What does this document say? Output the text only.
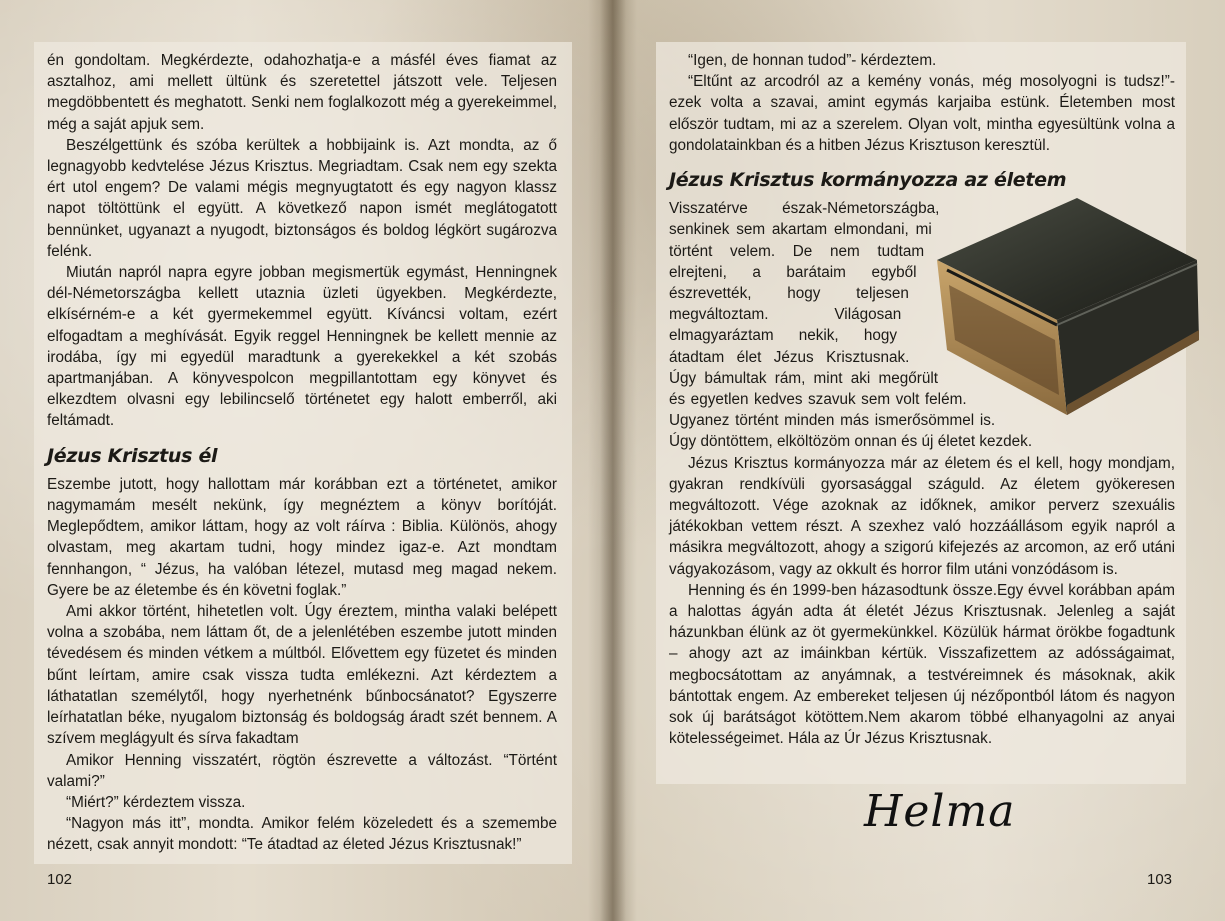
én gondoltam. Megkérdezte, odahozhatja-e a másfél éves fiamat az asztalhoz, ami mellett ültünk és szeretettel játszott vele. Teljesen megdöbbentett és meghatott. Senki nem foglalkozott még a gyerekeimmel, még a saját apjuk sem.

Beszélgettünk és szóba kerültek a hobbijaink is. Azt mondta, az ő legnagyobb kedvtelése Jézus Krisztus. Megriadtam. Csak nem egy szekta ért utol engem? De valami mégis megnyugtatott és egy nagyon klassz napot töltöttünk el együtt. A következő napon ismét meglátogatott bennünket, ugyanazt a nyugodt, biztonságos és boldog légkört sugározva felénk.

Miután napról napra egyre jobban megismertük egymást, Henningnek dél-Németországba kellett utaznia üzleti ügyekben. Megkérdezte, elkísérném-e a két gyermekemmel együtt. Kíváncsi voltam, ezért elfogadtam a meghívását. Egyik reggel Henningnek be kellett mennie az irodába, így mi egyedül maradtunk a gyerekekkel a két szobás apartmanjában. A könyvespolcon megpillantottam egy könyvet és elkezdtem olvasni egy lebilincselő történetet egy halott emberről, aki feltámadt.

Jézus Krisztus él

Eszembe jutott, hogy hallottam már korábban ezt a történetet, amikor nagymamám mesélt nekünk, így megnéztem a könyv borítóját. Meglepődtem, amikor láttam, hogy az volt ráírva : Biblia. Különös, ahogy olvastam, meg akartam tudni, hogy mindez igaz-e. Azt mondtam fennhangon, “ Jézus, ha valóban létezel, mutasd meg magad nekem. Gyere be az életembe és én követni foglak.”

Ami akkor történt, hihetetlen volt. Úgy éreztem, mintha valaki belépett volna a szobába, nem láttam őt, de a jelenlétében eszembe jutott minden tévedésem és minden vétkem a múltból. Elővettem egy füzetet és minden bűnt leírtam, amire csak vissza tudta emlékezni. Azt kérdeztem a láthatatlan személytől, hogy nyerhetnénk bűnbocsánatot? Egyszerre leírhatatlan béke, nyugalom biztonság és boldogság áradt szét bennem. A szívem meglágyult és sírva fakadtam

Amikor Henning visszatért, rögtön észrevette a változást. “Történt valami?”

“Miért?” kérdeztem vissza.

“Nagyon más itt”, mondta. Amikor felém közeledett és a szemembe nézett, csak annyit mondott: “Te átadtad az életed Jézus Krisztusnak!”

102

“Igen, de honnan tudod”- kérdeztem.

“Eltűnt az arcodról az a kemény vonás, még mosolyogni is tudsz!”- ezek volta a szavai, amint egymás karjaiba estünk. Életemben most először tudtam, mi az a szerelem. Olyan volt, mintha egyesültünk volna a gondolatainkban és a hitben Jézus Krisztuson keresztül.

Jézus Krisztus kormányozza az életem

Visszatérve észak-Németországba, senkinek sem akartam elmondani, mi történt velem. De nem tudtam elrejteni, a barátaim egyből észrevették, hogy teljesen megváltoztam. Világosan elmagyaráztam nekik, hogy átadtam élet Jézus Krisztusnak. Úgy bámultak rám, mint aki megőrült és egyetlen kedves szavuk sem volt felém. Ugyanez történt minden más ismerősömmel is. Úgy döntöttem, elköltözöm onnan és új életet kezdek.

Jézus Krisztus kormányozza már az életem és el kell, hogy mondjam, gyakran rendkívüli gyorsasággal száguld. Az életem gyökeresen megváltozott. Vége azoknak az időknek, amikor perverz szexuális játékokban vettem részt. A szexhez való hozzáállásom egyik napról a másikra megváltozott, ahogy a szigorú kifejezés az arcomon, az erő utáni vágyakozásom, vagy az okkult és horror film utáni vonzódásom is.

Henning és én 1999-ben házasodtunk össze.Egy évvel korábban apám a halottas ágyán adta át életét Jézus Krisztusnak. Jelenleg a saját házunkban élünk az öt gyermekünkkel. Közülük hármat örökbe fogadtunk – ahogy azt az imáinkban kértük. Visszafizettem az adósságaimat, megbocsátottam az anyámnak, a testvéreimnek és másoknak, akik bántottak engem. Az embereket teljesen új nézőpontból látom és nagyon sok új barátságot kötöttem.Nem akarom többé elhanyagolni az anyai kötelességeimet. Hála az Úr Jézus Krisztusnak.

Helma
103
